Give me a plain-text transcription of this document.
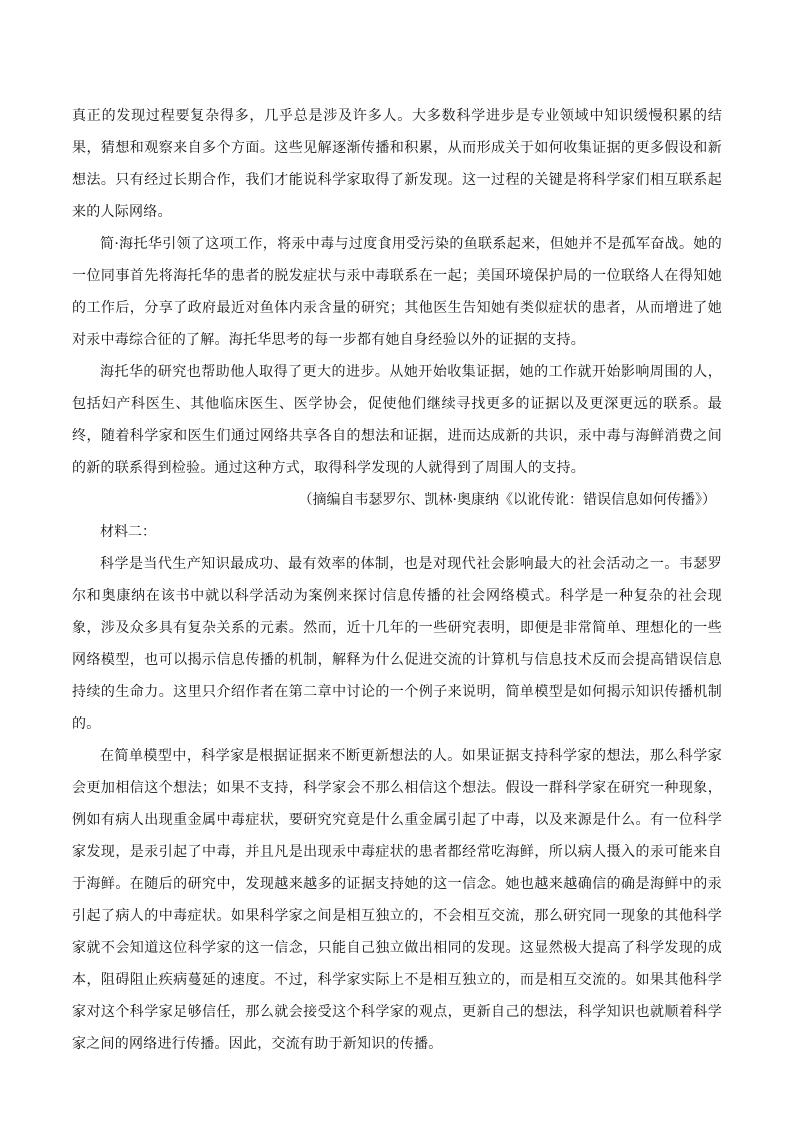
真正的发现过程要复杂得多，几乎总是涉及许多人。大多数科学进步是专业领域中知识缓慢积累的结果，猜想和观察来自多个方面。这些见解逐渐传播和积累，从而形成关于如何收集证据的更多假设和新想法。只有经过长期合作，我们才能说科学家取得了新发现。这一过程的关键是将科学家们相互联系起来的人际网络。

简·海托华引领了这项工作，将汞中毒与过度食用受污染的鱼联系起来，但她并不是孤军奋战。她的一位同事首先将海托华的患者的脱发症状与汞中毒联系在一起；美国环境保护局的一位联络人在得知她的工作后，分享了政府最近对鱼体内汞含量的研究；其他医生告知她有类似症状的患者，从而增进了她对汞中毒综合征的了解。海托华思考的每一步都有她自身经验以外的证据的支持。

海托华的研究也帮助他人取得了更大的进步。从她开始收集证据，她的工作就开始影响周围的人，包括妇产科医生、其他临床医生、医学协会，促使他们继续寻找更多的证据以及更深更远的联系。最终，随着科学家和医生们通过网络共享各自的想法和证据，进而达成新的共识，汞中毒与海鲜消费之间的新的联系得到检验。通过这种方式，取得科学发现的人就得到了周围人的支持。

（摘编自韦瑟罗尔、凯林·奥康纳《以讹传讹：错误信息如何传播》）

材料二：

科学是当代生产知识最成功、最有效率的体制，也是对现代社会影响最大的社会活动之一。韦瑟罗尔和奥康纳在该书中就以科学活动为案例来探讨信息传播的社会网络模式。科学是一种复杂的社会现象，涉及众多具有复杂关系的元素。然而，近十几年的一些研究表明，即便是非常简单、理想化的一些网络模型，也可以揭示信息传播的机制，解释为什么促进交流的计算机与信息技术反而会提高错误信息持续的生命力。这里只介绍作者在第二章中讨论的一个例子来说明，简单模型是如何揭示知识传播机制的。

在简单模型中，科学家是根据证据来不断更新想法的人。如果证据支持科学家的想法，那么科学家会更加相信这个想法；如果不支持，科学家会不那么相信这个想法。假设一群科学家在研究一种现象，例如有病人出现重金属中毒症状，要研究究竟是什么重金属引起了中毒，以及来源是什么。有一位科学家发现，是汞引起了中毒，并且凡是出现汞中毒症状的患者都经常吃海鲜，所以病人摄入的汞可能来自于海鲜。在随后的研究中，发现越来越多的证据支持她的这一信念。她也越来越确信的确是海鲜中的汞引起了病人的中毒症状。如果科学家之间是相互独立的，不会相互交流，那么研究同一现象的其他科学家就不会知道这位科学家的这一信念，只能自己独立做出相同的发现。这显然极大提高了科学发现的成本，阻碍阻止疾病蔓延的速度。不过，科学家实际上不是相互独立的，而是相互交流的。如果其他科学家对这个科学家足够信任，那么就会接受这个科学家的观点，更新自己的想法，科学知识也就顺着科学家之间的网络进行传播。因此，交流有助于新知识的传播。
